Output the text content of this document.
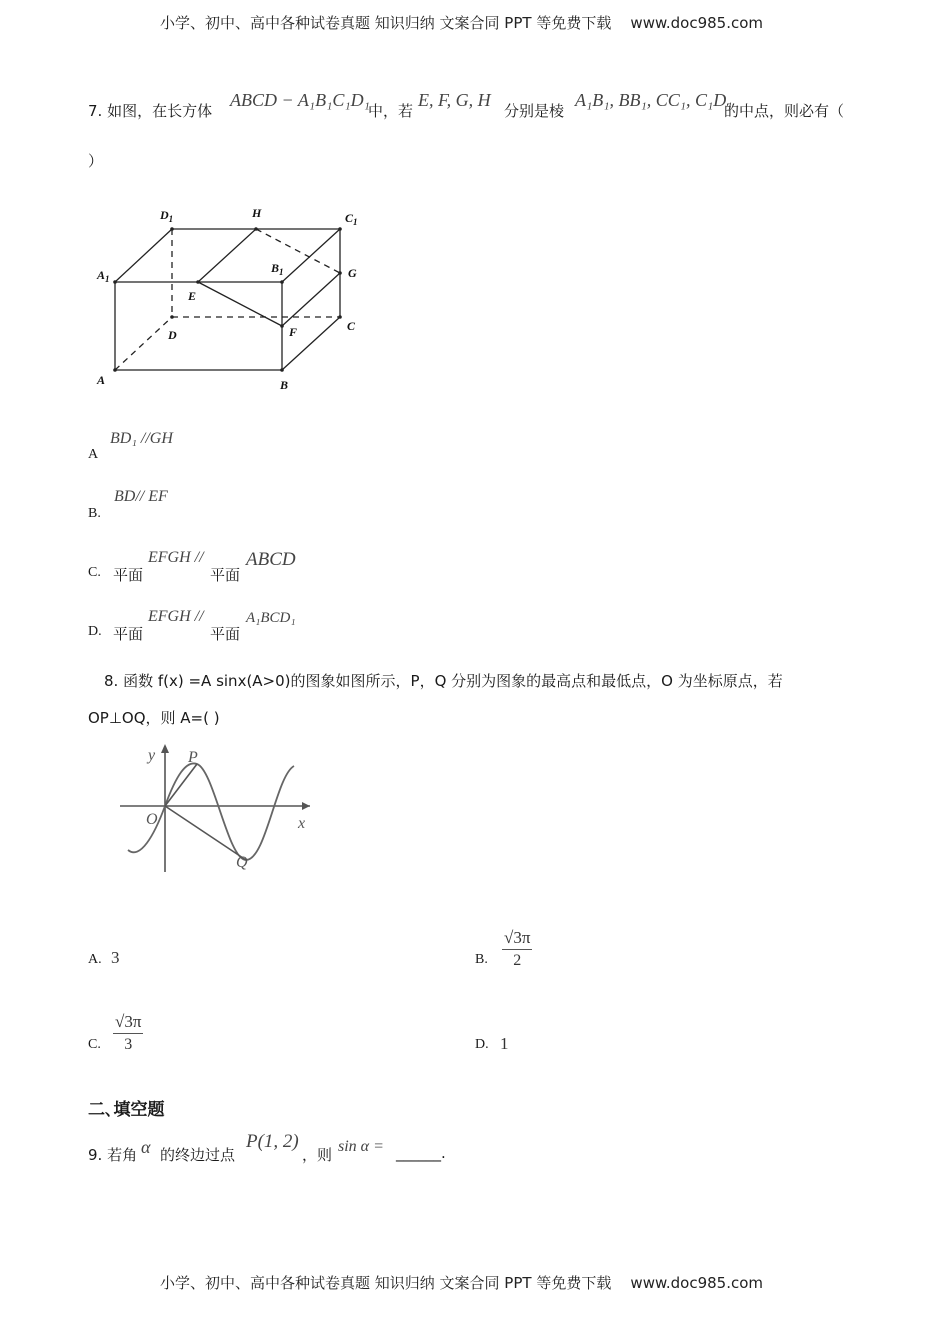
小学、初中、高中各种试卷真题 知识归纳 文案合同 PPT 等免费下载 www.doc985.com
7. 如图，在长方体
ABCD − A₁B₁C₁D₁
中，若
E, F, G, H
分别是棱
A₁B₁, BB₁, CC₁, C₁D₁
的中点，则必有（
）
$D_1$	H	$C_1$
$A_1$
$B_1$	G
E
D
C
F
A	B
A
BD₁ //GH
B.
BD// EF
C. 平面
EFGH //
平面
ABCD
D. 平面
EFGH //
平面
A₁BCD₁
8. 函数 f(x) =A sinx(A>0)的图象如图所示，P，Q 分别为图象的最高点和最低点，O 为坐标原点，若
OP⊥OQ，则 A=( )
y P
x
O
Q
A. 3	B.
√3π
2
C.
√3π
3	D. 1
二､填空题
9. 若角 α 的终边过点
P(1, 2)
，则 sin α = ______.
小学、初中、高中各种试卷真题 知识归纳 文案合同 PPT 等免费下载 www.doc985.com
